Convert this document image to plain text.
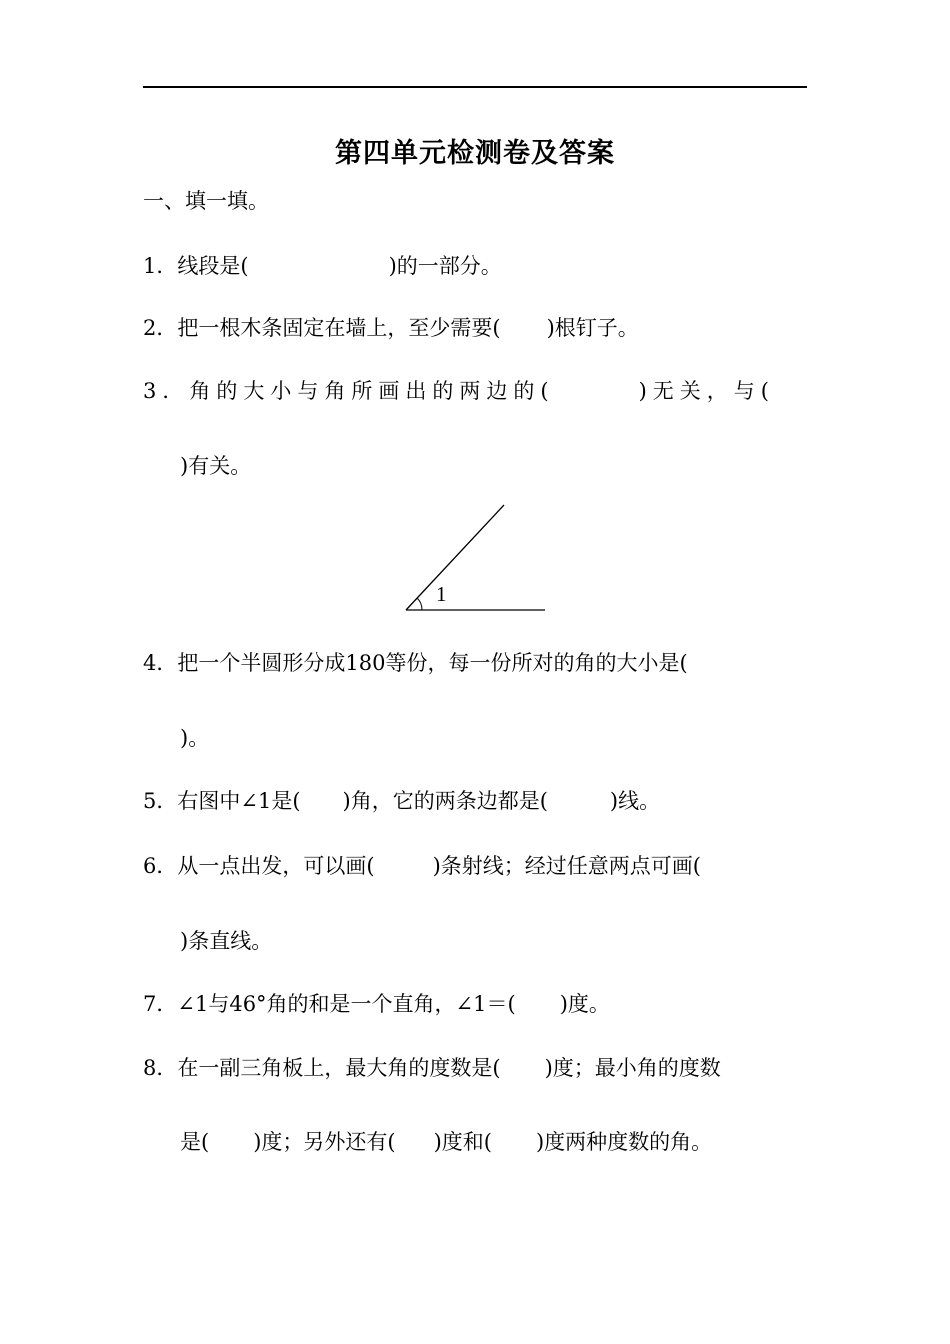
第四单元检测卷及答案
一、填一填。
1．线段是(	)的一部分。
2．把一根木条固定在墙上，至少需要( )根钉子。
3．角的大小与角所画出的两边的(	)无关，与(
)有关。
1
4．把一个半圆形分成180等份，每一份所对的角的大小是(
)。
5．右图中∠1是( )角，它的两条边都是(	)线。
6．从一点出发，可以画(	)条射线；经过任意两点可画(
)条直线。
7．∠1与46°角的和是一个直角，∠1＝( )度。
8．在一副三角板上，最大角的度数是( )度；最小角的度数
是( )度；另外还有( )度和( )度两种度数的角。
